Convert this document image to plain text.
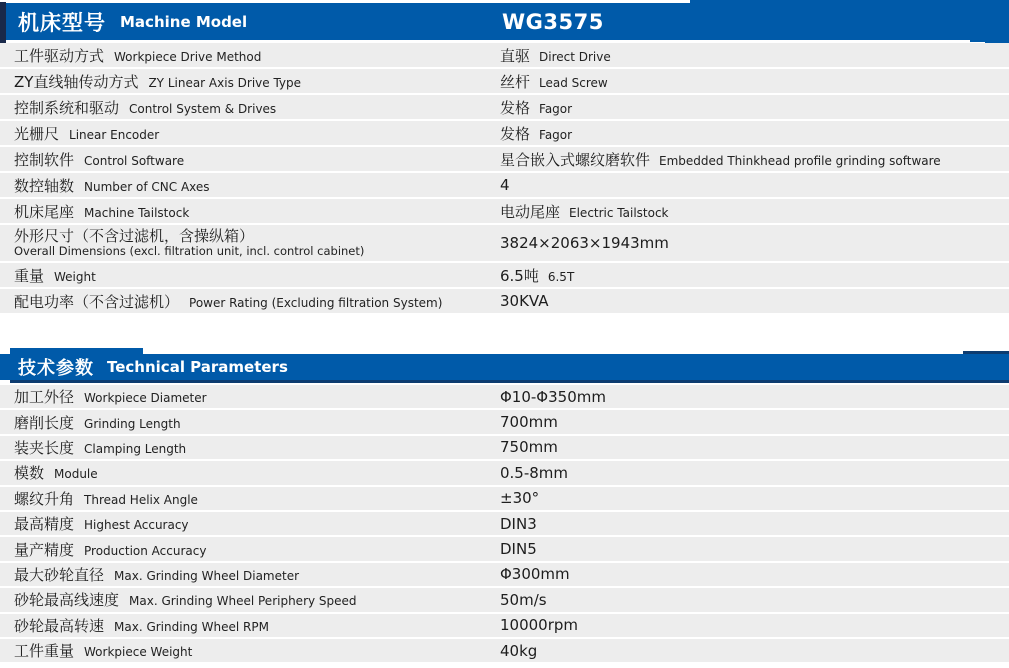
机床型号 Machine Model	WG3575
工件驱动方式 Workpiece Drive Method	直驱 Direct Drive
ZY直线轴传动方式 ZY Linear Axis Drive Type	丝杆 Lead Screw
控制系统和驱动 Control System & Drives	发格 Fagor
光栅尺 Linear Encoder	发格 Fagor
控制软件 Control Software	星合嵌入式螺纹磨软件 Embedded Thinkhead profile grinding software
数控轴数 Number of CNC Axes	4
机床尾座 Machine Tailstock	电动尾座 Electric Tailstock
外形尺寸（不含过滤机，含操纵箱）
Overall Dimensions (excl. filtration unit, incl. control cabinet)	3824×2063×1943mm
重量 Weight	6.5吨 6.5T
配电功率（不含过滤机） Power Rating (Excluding filtration System)	30KVA
技术参数 Technical Parameters
加工外径 Workpiece Diameter	Φ10-Φ350mm
磨削长度 Grinding Length	700mm
装夹长度 Clamping Length	750mm
模数 Module	0.5-8mm
螺纹升角 Thread Helix Angle	±30°
最高精度 Highest Accuracy	DIN3
量产精度 Production Accuracy	DIN5
最大砂轮直径 Max. Grinding Wheel Diameter	Φ300mm
砂轮最高线速度 Max. Grinding Wheel Periphery Speed	50m/s
砂轮最高转速 Max. Grinding Wheel RPM	10000rpm
工件重量 Workpiece Weight	40kg
